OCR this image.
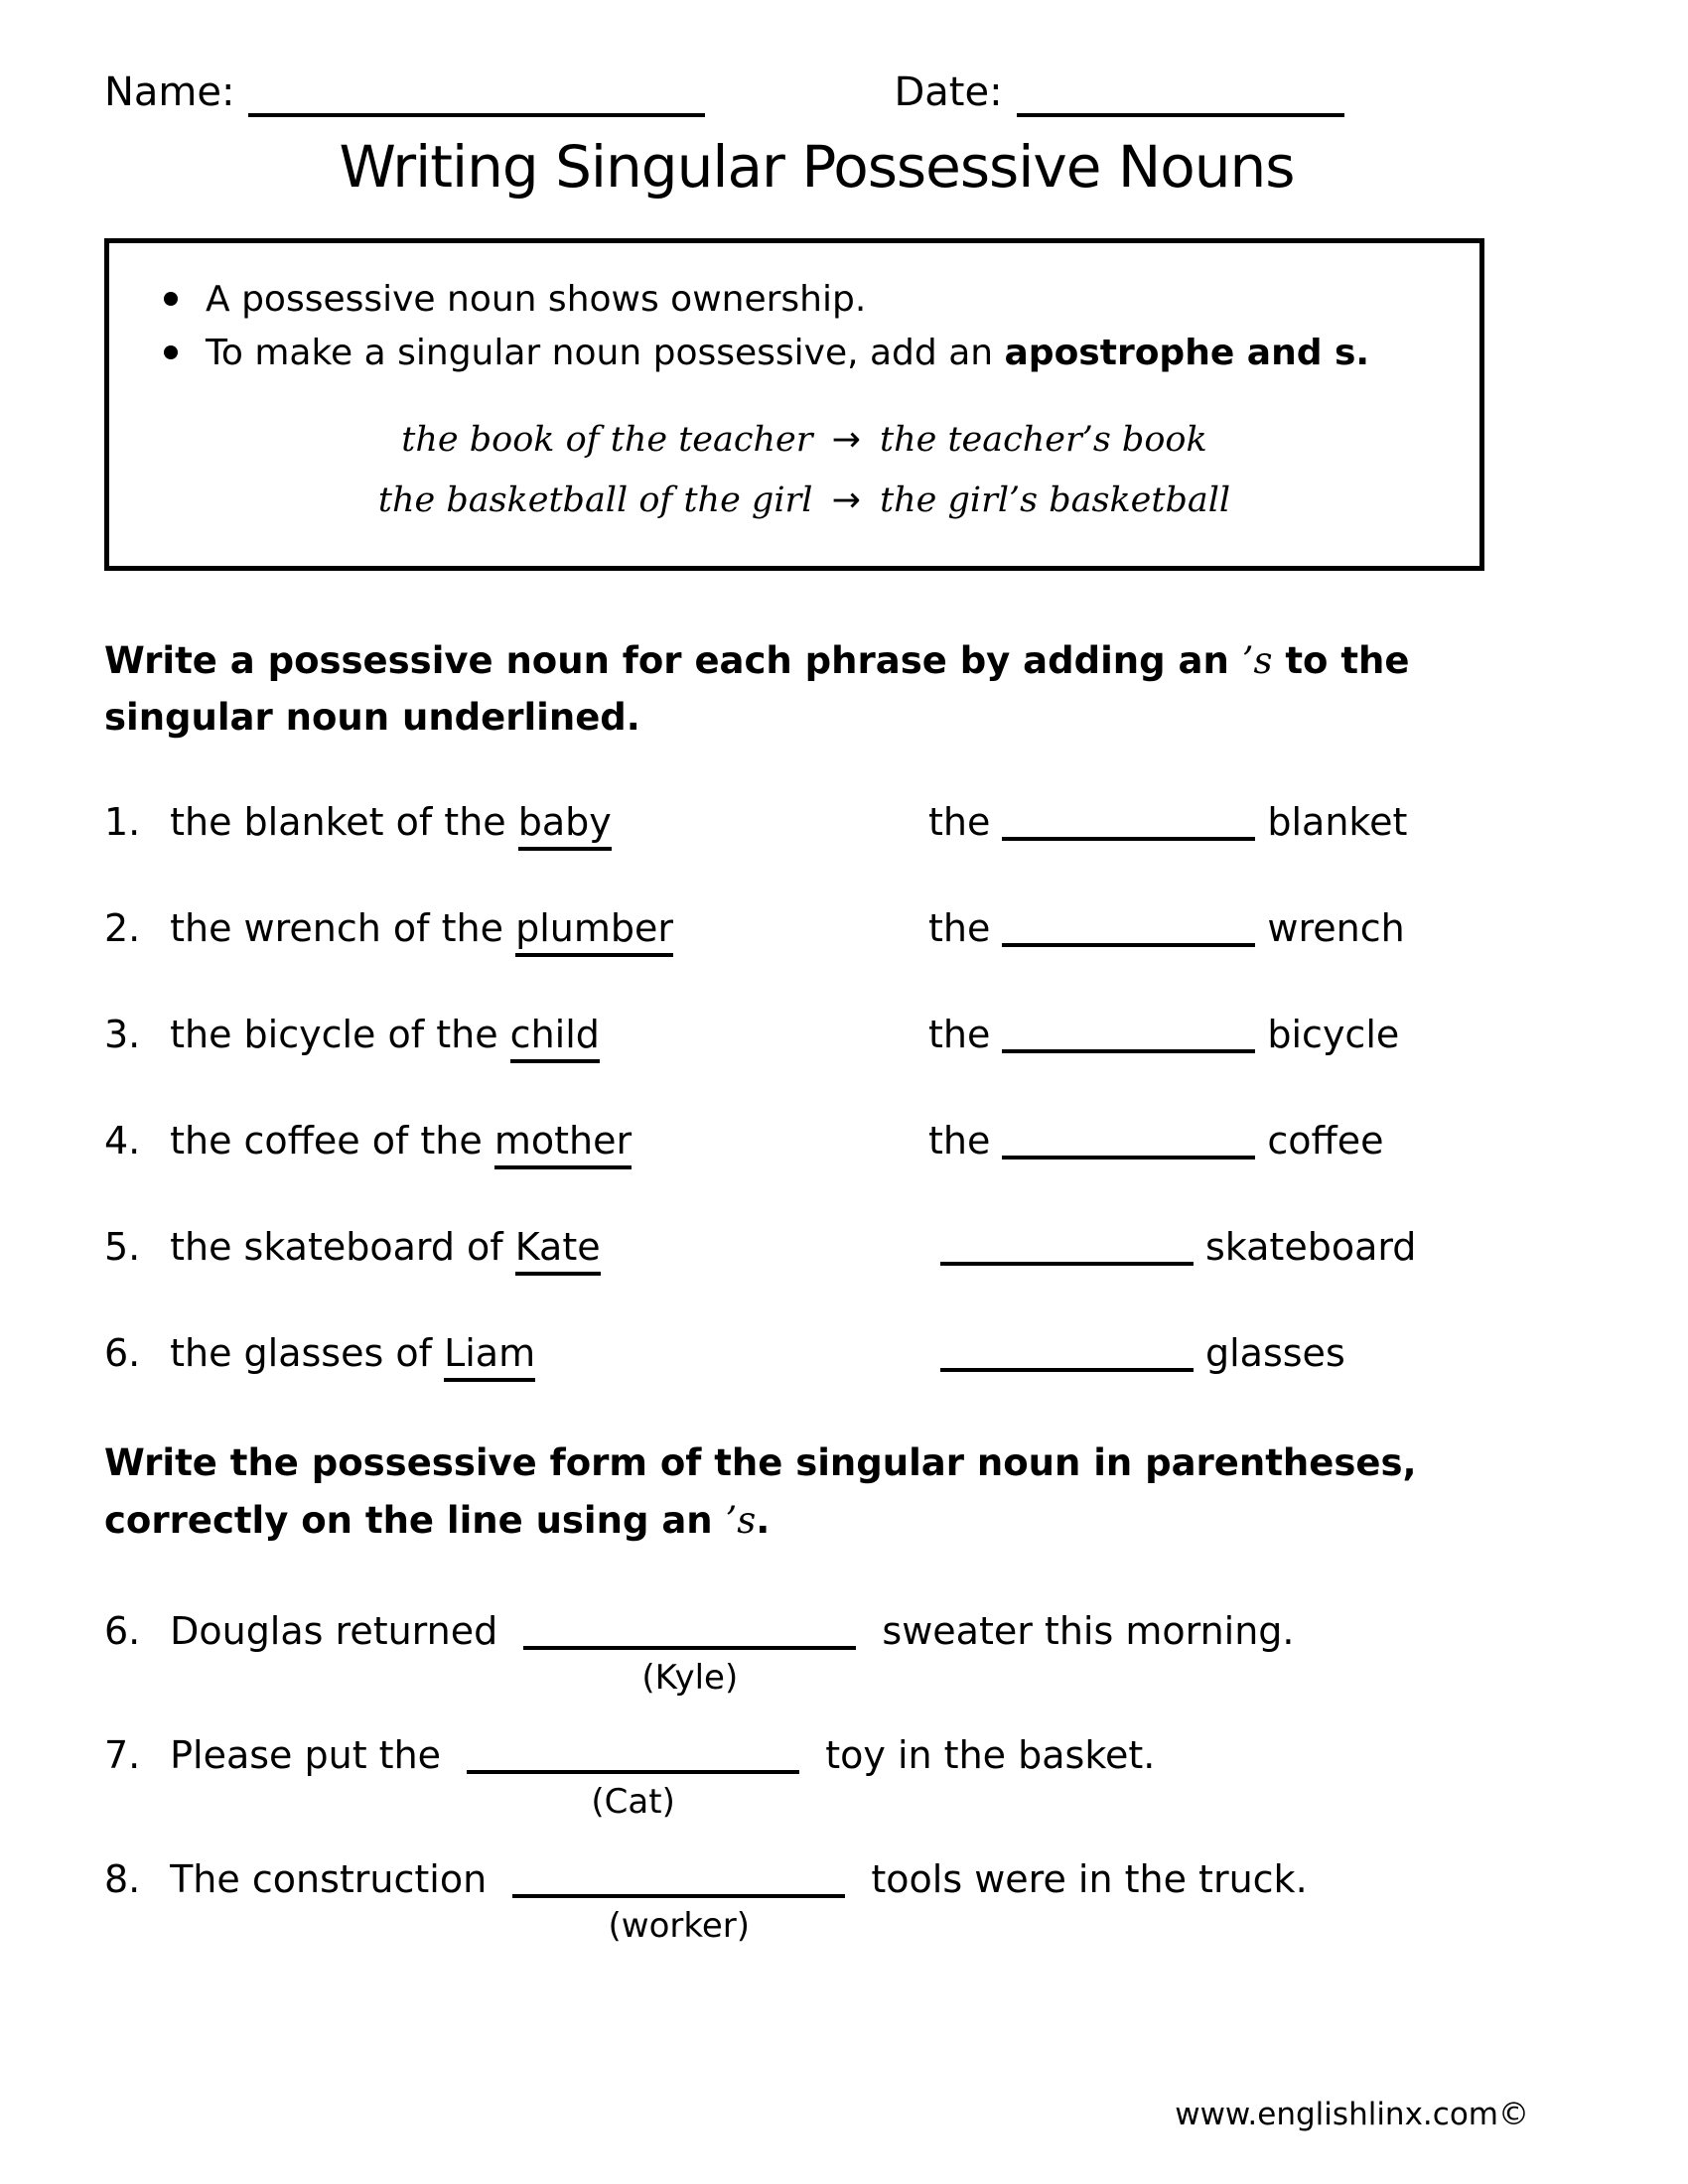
Name:	Date:
Writing Singular Possessive Nouns
A possessive noun shows ownership.
To make a singular noun possessive, add an apostrophe and s.
the book of the teacher → the teacher’s book
the basketball of the girl → the girl’s basketball
Write a possessive noun for each phrase by adding an ’s to the singular noun underlined.
1. the blanket of the baby	the	blanket
2. the wrench of the plumber	the	wrench
3. the bicycle of the child	the	bicycle
4. the coffee of the mother	the	coffee
5. the skateboard of Kate	skateboard
6. the glasses of Liam	glasses
Write the possessive form of the singular noun in parentheses, correctly on the line using an ’s.
6. Douglas returned
(Kyle)
sweater this morning.
7. Please put the
(Cat)
toy in the basket.
8. The construction
(worker)
tools were in the truck.
www.englishlinx.com©
